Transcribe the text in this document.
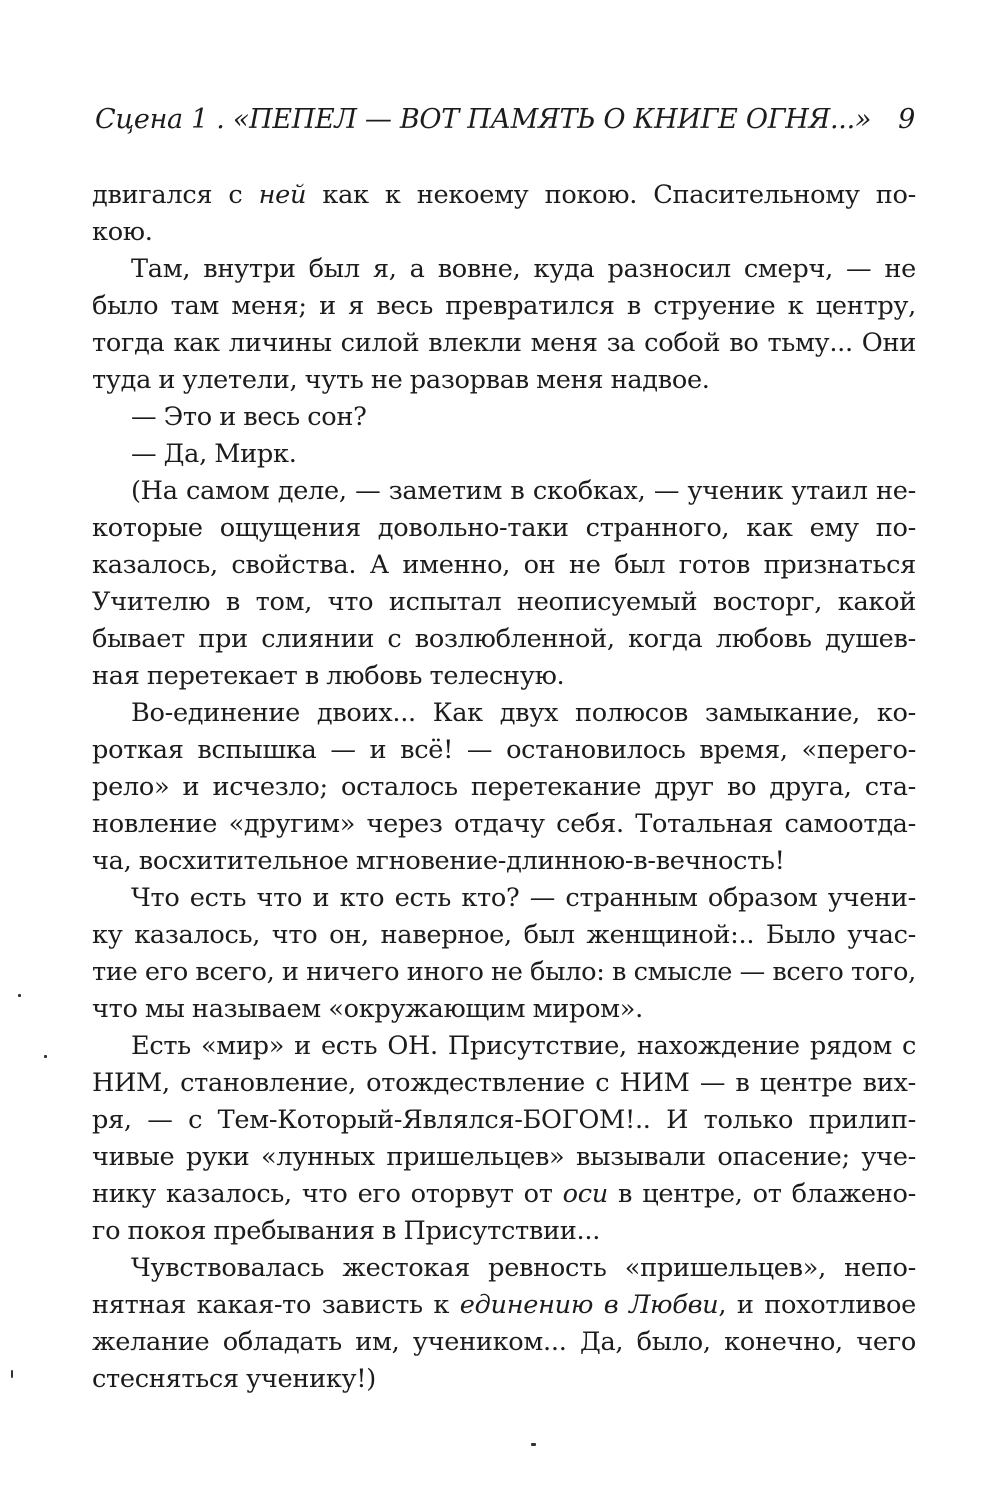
Сцена 1 . «ПЕПЕЛ — ВОТ ПАМЯТЬ О КНИГЕ ОГНЯ...» 9
двигался с ней как к некоему покою. Спасительному по-
кою.
Там, внутри был я, а вовне, куда разносил смерч, — не
было там меня; и я весь превратился в струение к центру,
тогда как личины силой влекли меня за собой во тьму... Они
туда и улетели, чуть не разорвав меня надвое.
— Это и весь сон?
— Да, Мирк.
(На самом деле, — заметим в скобках, — ученик утаил не-
которые ощущения довольно-таки странного, как ему по-
казалось, свойства. А именно, он не был готов признаться
Учителю в том, что испытал неописуемый восторг, какой
бывает при слиянии с возлюбленной, когда любовь душев-
ная перетекает в любовь телесную.
Во-единение двоих... Как двух полюсов замыкание, ко-
роткая вспышка — и всё! — остановилось время, «перего-
рело» и исчезло; осталось перетекание друг во друга, ста-
новление «другим» через отдачу себя. Тотальная самоотда-
ча, восхитительное мгновение-длинною-в-вечность!
Что есть что и кто есть кто? — странным образом учени-
ку казалось, что он, наверное, был женщиной:.. Было учас-
тие его всего, и ничего иного не было: в смысле — всего того,
что мы называем «окружающим миром».
Есть «мир» и есть ОН. Присутствие, нахождение рядом с
НИМ, становление, отождествление с НИМ — в центре вих-
ря, — с Тем-Который-Являлся-БОГОМ!.. И только прилип-
чивые руки «лунных пришельцев» вызывали опасение; уче-
нику казалось, что его оторвут от оси в центре, от блажено-
го покоя пребывания в Присутствии...
Чувствовалась жестокая ревность «пришельцев», непо-
нятная какая-то зависть к единению в Любви, и похотливое
желание обладать им, учеником... Да, было, конечно, чего
стесняться ученику!)
